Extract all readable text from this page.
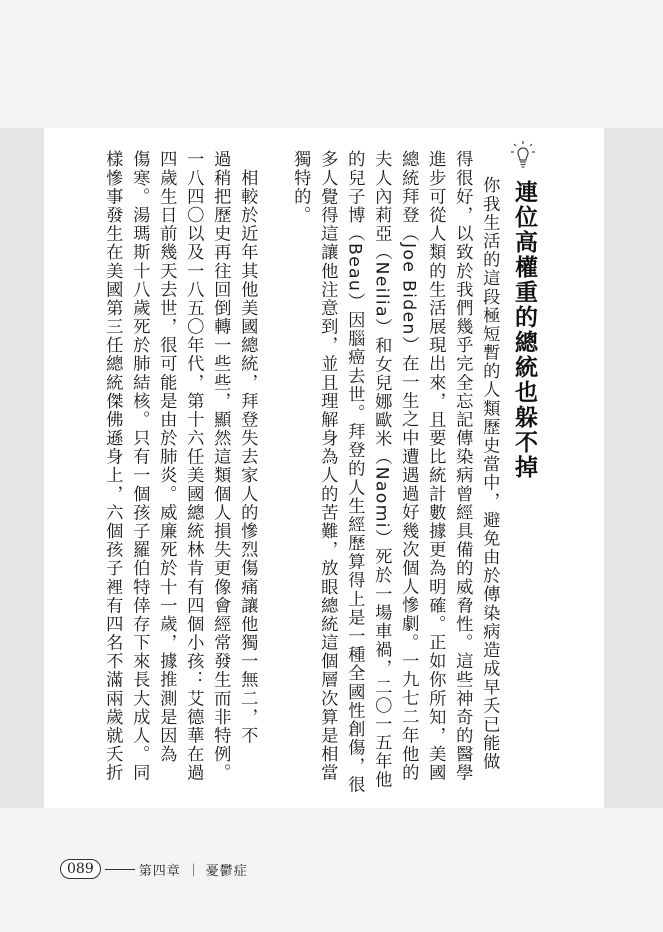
連位高權重的總統也躲不掉
你我生活的這段極短暫的人類歷史當中，避免由於傳染病造成早夭已能做
得很好，以致於我們幾乎完全忘記傳染病曾經具備的威脅性。這些神奇的醫學
進步可從人類的生活展現出來，且要比統計數據更為明確。正如你所知，美國
總統拜登（Joe Biden）在一生之中遭遇過好幾次個人慘劇。一九七二年他的
夫人內莉亞（Neilia）和女兒娜歐米（Naomi）死於一場車禍，二〇一五年他
的兒子博（Beau）因腦癌去世。拜登的人生經歷算得上是一種全國性創傷，很
多人覺得這讓他注意到，並且理解身為人的苦難，放眼總統這個層次算是相當
獨特的。
　相較於近年其他美國總統，拜登失去家人的慘烈傷痛讓他獨一無二，不
過稍把歷史再往回倒轉一些些，顯然這類個人損失更像會經常發生而非特例。
一八四〇以及一八五〇年代，第十六任美國總統林肯有四個小孩：艾德華在過
四歲生日前幾天去世，很可能是由於肺炎。威廉死於十一歲，據推測是因為
傷寒。湯瑪斯十八歲死於肺結核。只有一個孩子羅伯特倖存下來長大成人。同
樣慘事發生在美國第三任總統傑佛遜身上，六個孩子裡有四名不滿兩歲就夭折
089	第四章 ｜ 憂鬱症
